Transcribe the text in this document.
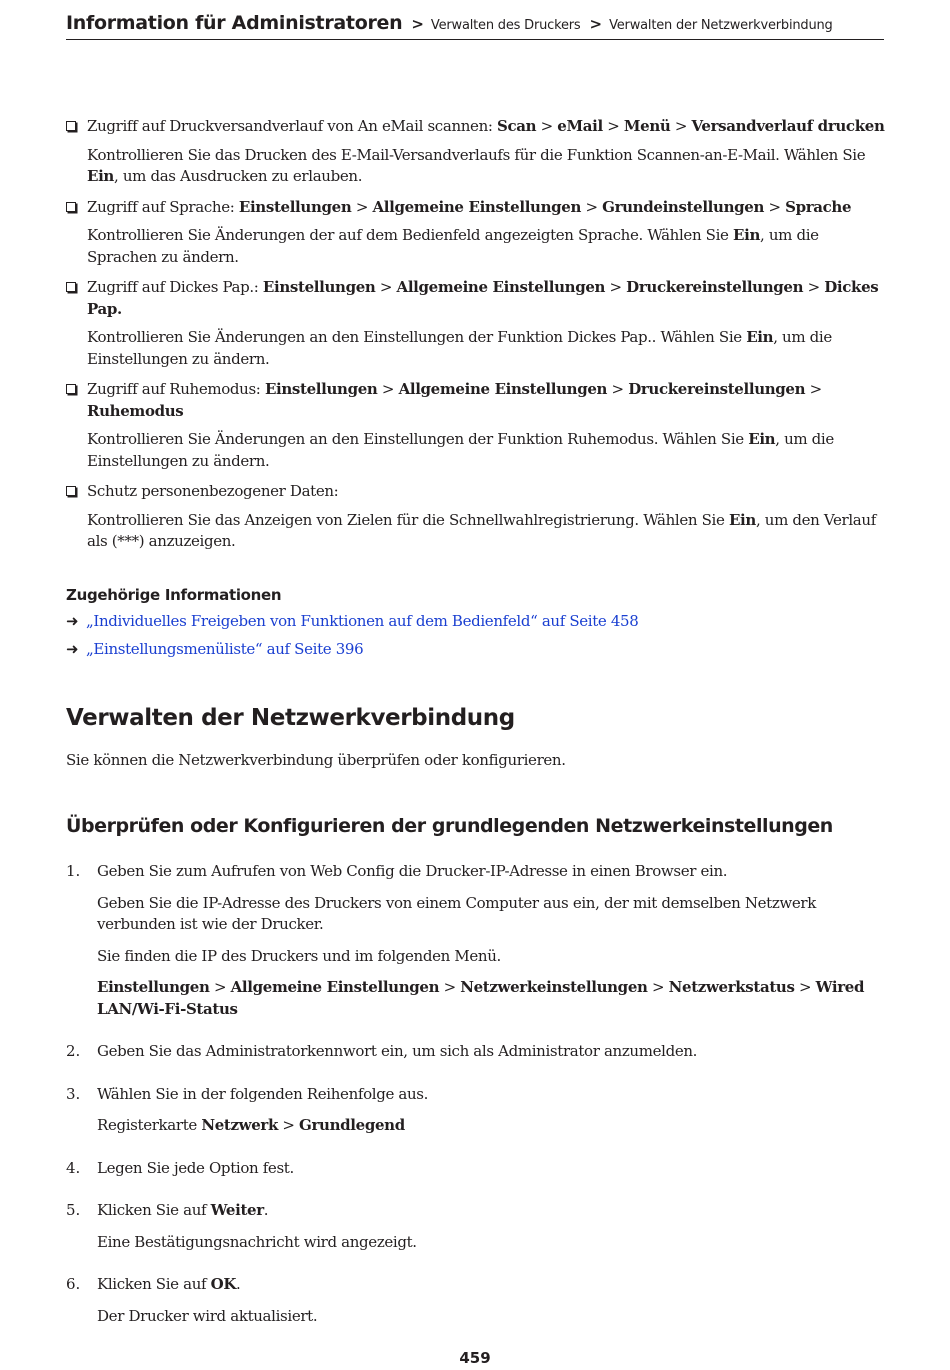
Information für Administratoren > Verwalten des Druckers > Verwalten der Netzwerkverbindung

Zugriff auf Druckversandverlauf von An eMail scannen: Scan > eMail > Menü > Versandverlauf drucken

Kontrollieren Sie das Drucken des E-Mail-Versandverlaufs für die Funktion Scannen-an-E-Mail. Wählen Sie Ein, um das Ausdrucken zu erlauben.

Zugriff auf Sprache: Einstellungen > Allgemeine Einstellungen > Grundeinstellungen > Sprache

Kontrollieren Sie Änderungen der auf dem Bedienfeld angezeigten Sprache. Wählen Sie Ein, um die Sprachen zu ändern.

Zugriff auf Dickes Pap.: Einstellungen > Allgemeine Einstellungen > Druckereinstellungen > Dickes Pap.

Kontrollieren Sie Änderungen an den Einstellungen der Funktion Dickes Pap.. Wählen Sie Ein, um die Einstellungen zu ändern.

Zugriff auf Ruhemodus: Einstellungen > Allgemeine Einstellungen > Druckereinstellungen > Ruhemodus

Kontrollieren Sie Änderungen an den Einstellungen der Funktion Ruhemodus. Wählen Sie Ein, um die Einstellungen zu ändern.

Schutz personenbezogener Daten:

Kontrollieren Sie das Anzeigen von Zielen für die Schnellwahlregistrierung. Wählen Sie Ein, um den Verlauf als (***) anzuzeigen.

Zugehörige Informationen

➜ „Individuelles Freigeben von Funktionen auf dem Bedienfeld“ auf Seite 458

➜ „Einstellungsmenüliste“ auf Seite 396

Verwalten der Netzwerkverbindung

Sie können die Netzwerkverbindung überprüfen oder konfigurieren.

Überprüfen oder Konfigurieren der grundlegenden Netzwerkeinstellungen
1. Geben Sie zum Aufrufen von Web Config die Drucker-IP-Adresse in einen Browser ein.

Geben Sie die IP-Adresse des Druckers von einem Computer aus ein, der mit demselben Netzwerk verbunden ist wie der Drucker.

Sie finden die IP des Druckers und im folgenden Menü.

Einstellungen > Allgemeine Einstellungen > Netzwerkeinstellungen > Netzwerkstatus > Wired LAN/Wi-Fi-Status

2. Geben Sie das Administratorkennwort ein, um sich als Administrator anzumelden.

3. Wählen Sie in der folgenden Reihenfolge aus.

Registerkarte Netzwerk > Grundlegend

4. Legen Sie jede Option fest.

5. Klicken Sie auf Weiter.

Eine Bestätigungsnachricht wird angezeigt.

6. Klicken Sie auf OK.

Der Drucker wird aktualisiert.

459
